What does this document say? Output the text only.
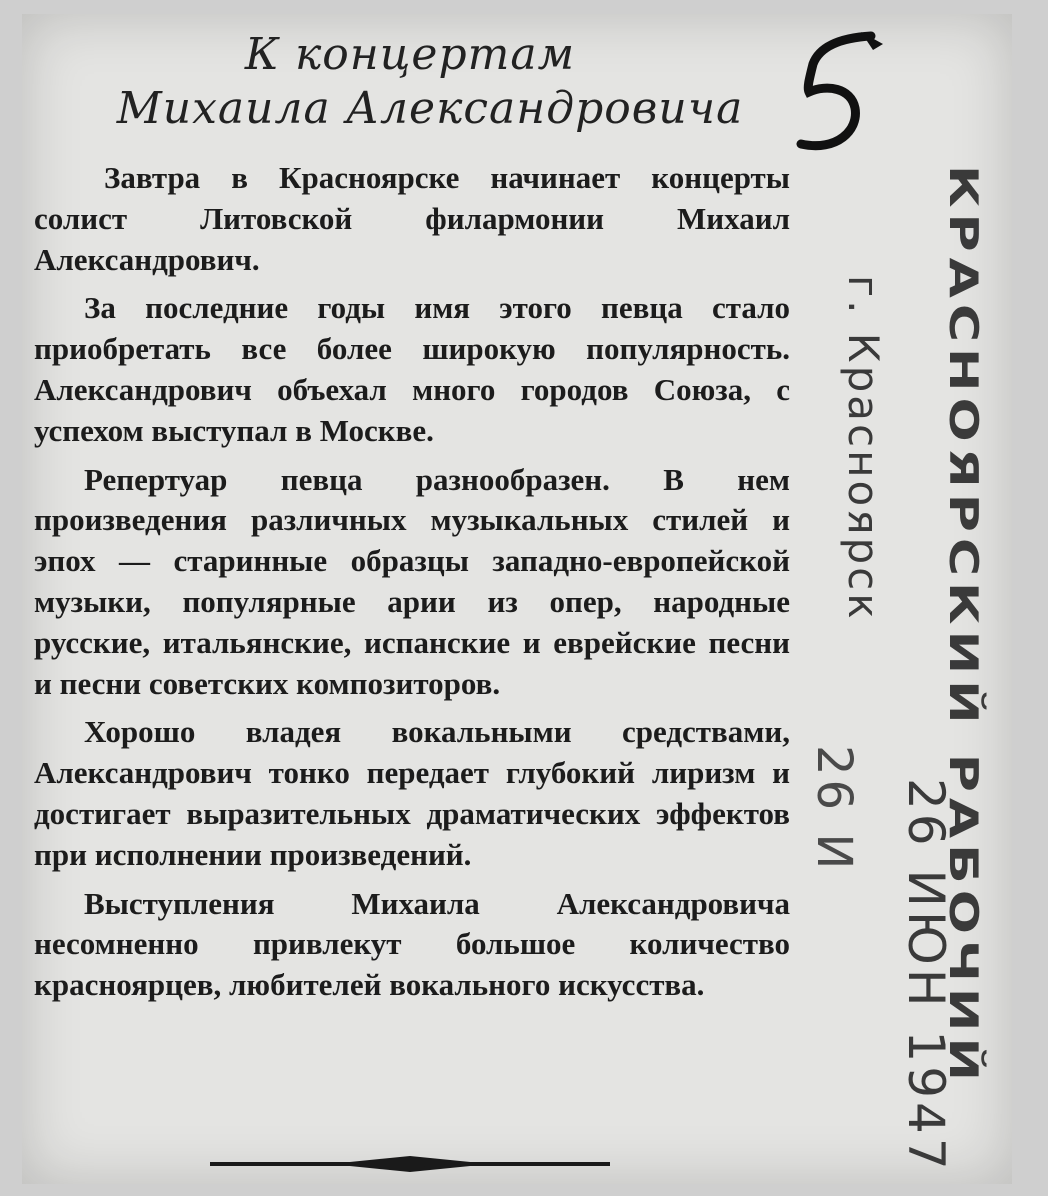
К концертам
Михаила Александровича

Завтра в Красноярске начинает концерты солист Литовской филармонии Михаил Александрович.

За последние годы имя этого певца стало приобретать все более широкую популярность. Александрович объехал много городов Союза, с успехом выступал в Москве.

Репертуар певца разнообразен. В нем произведения различных музыкальных стилей и эпох — старинные образцы западно-европейской музыки, популярные арии из опер, народные русские, итальянские, испанские и еврейские песни и песни советских композиторов.

Хорошо владея вокальными средствами, Александрович тонко передает глубокий лиризм и достигает выразительных драматических эффектов при исполнении произведений.

Выступления Михаила Александровича несомненно привлекут большое количество красноярцев, любителей вокального искусства.	КРАСНОЯРСКИЙ РАБОЧИЙ
г. Красноярск
26 ИЮН 1947
26 И
